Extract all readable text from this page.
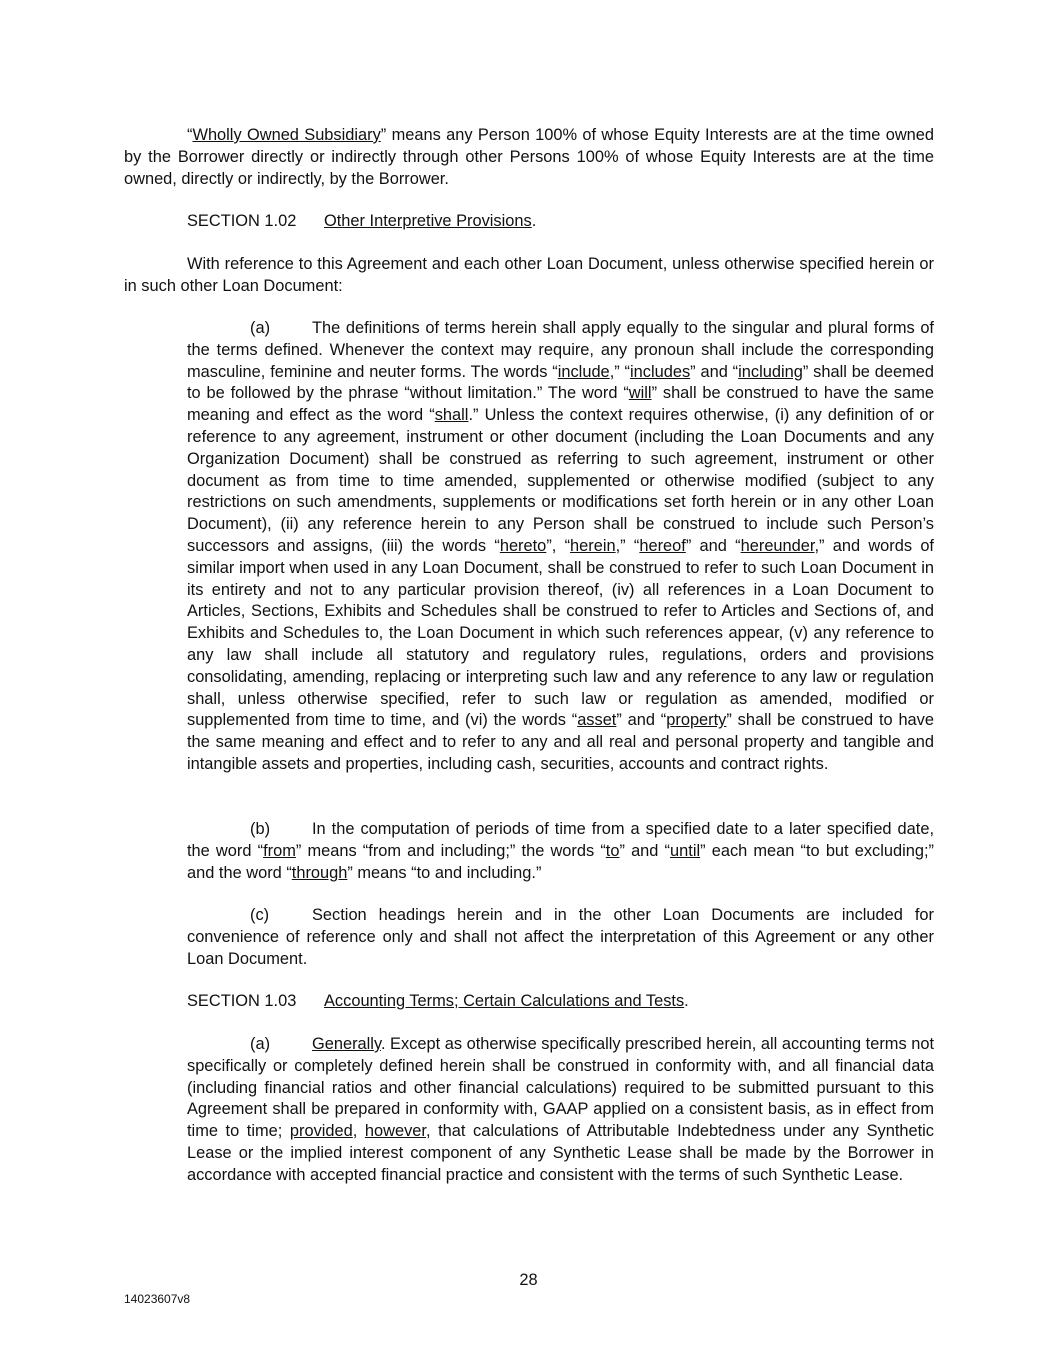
“Wholly Owned Subsidiary” means any Person 100% of whose Equity Interests are at the time owned by the Borrower directly or indirectly through other Persons 100% of whose Equity Interests are at the time owned, directly or indirectly, by the Borrower.

SECTION 1.02 Other Interpretive Provisions.

With reference to this Agreement and each other Loan Document, unless otherwise specified herein or in such other Loan Document:

(a)	The definitions of terms herein shall apply equally to the singular and plural forms of the terms defined. Whenever the context may require, any pronoun shall include the corresponding masculine, feminine and neuter forms. The words “include,” “includes” and “including” shall be deemed to be followed by the phrase “without limitation.” The word “will” shall be construed to have the same meaning and effect as the word “shall.” Unless the context requires otherwise, (i) any definition of or reference to any agreement, instrument or other document (including the Loan Documents and any Organization Document) shall be construed as referring to such agreement, instrument or other document as from time to time amended, supplemented or otherwise modified (subject to any restrictions on such amendments, supplements or modifications set forth herein or in any other Loan Document), (ii) any reference herein to any Person shall be construed to include such Person’s successors and assigns, (iii) the words “hereto”, “herein,” “hereof” and “hereunder,” and words of similar import when used in any Loan Document, shall be construed to refer to such Loan Document in its entirety and not to any particular provision thereof, (iv) all references in a Loan Document to Articles, Sections, Exhibits and Schedules shall be construed to refer to Articles and Sections of, and Exhibits and Schedules to, the Loan Document in which such references appear, (v) any reference to any law shall include all statutory and regulatory rules, regulations, orders and provisions consolidating, amending, replacing or interpreting such law and any reference to any law or regulation shall, unless otherwise specified, refer to such law or regulation as amended, modified or supplemented from time to time, and (vi) the words “asset” and “property” shall be construed to have the same meaning and effect and to refer to any and all real and personal property and tangible and intangible assets and properties, including cash, securities, accounts and contract rights.

(b)	In the computation of periods of time from a specified date to a later specified date, the word “from” means “from and including;” the words “to” and “until” each mean “to but excluding;” and the word “through” means “to and including.”

(c)	Section headings herein and in the other Loan Documents are included for convenience of reference only and shall not affect the interpretation of this Agreement or any other Loan Document.

SECTION 1.03 Accounting Terms; Certain Calculations and Tests.

(a)	Generally. Except as otherwise specifically prescribed herein, all accounting terms not specifically or completely defined herein shall be construed in conformity with, and all financial data (including financial ratios and other financial calculations) required to be submitted pursuant to this Agreement shall be prepared in conformity with, GAAP applied on a consistent basis, as in effect from time to time; provided, however, that calculations of Attributable Indebtedness under any Synthetic Lease or the implied interest component of any Synthetic Lease shall be made by the Borrower in accordance with accepted financial practice and consistent with the terms of such Synthetic Lease.

28
14023607v8
